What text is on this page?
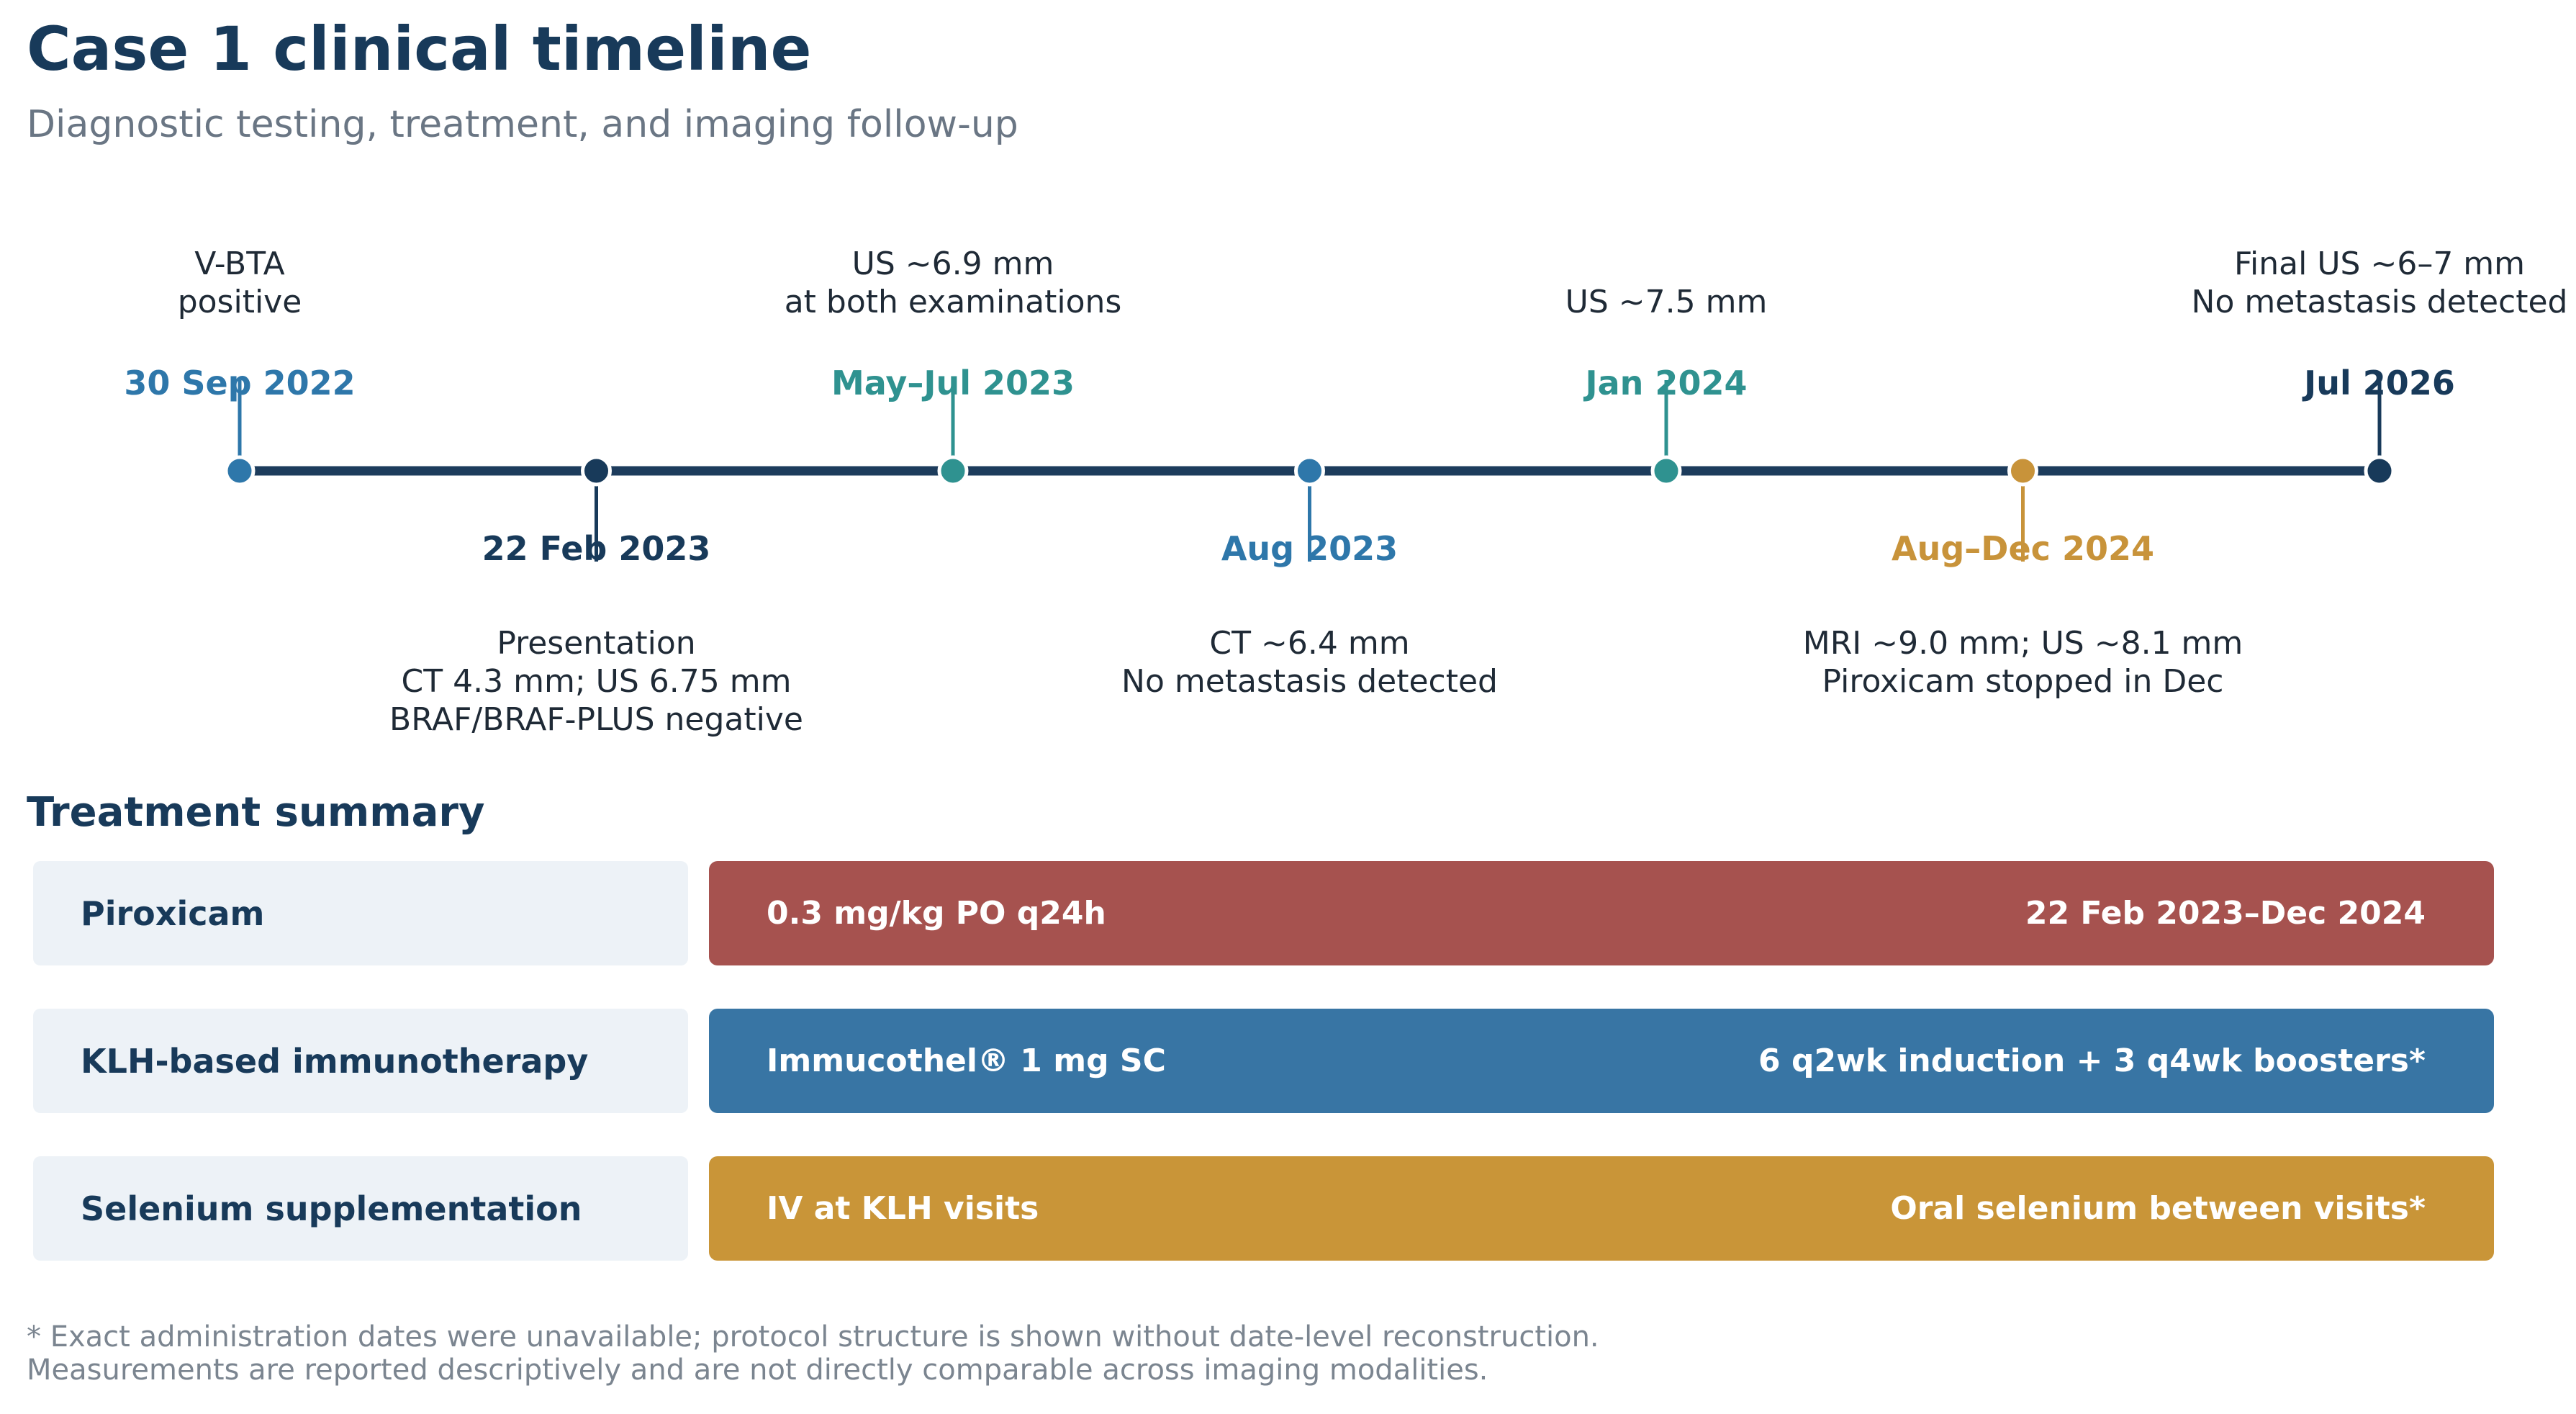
Case 1 clinical timeline
Diagnostic testing, treatment, and imaging follow-up
30 Sep 2022
V-BTA
positive
22 Feb 2023
Presentation
CT 4.3 mm; US 6.75 mm
BRAF/BRAF-PLUS negative
May–Jul 2023
US ~6.9 mm
at both examinations
Aug 2023
CT ~6.4 mm
No metastasis detected
Jan 2024
US ~7.5 mm
Aug–Dec 2024
MRI ~9.0 mm; US ~8.1 mm
Piroxicam stopped in Dec
Jul 2026
Final US ~6–7 mm
No metastasis detected
Treatment summary
Piroxicam	0.3 mg/kg PO q24h	22 Feb 2023–Dec 2024
KLH-based immunotherapy	Immucothel® 1 mg SC	6 q2wk induction + 3 q4wk boosters*
Selenium supplementation	IV at KLH visits	Oral selenium between visits*
* Exact administration dates were unavailable; protocol structure is shown without date-level reconstruction.
Measurements are reported descriptively and are not directly comparable across imaging modalities.
